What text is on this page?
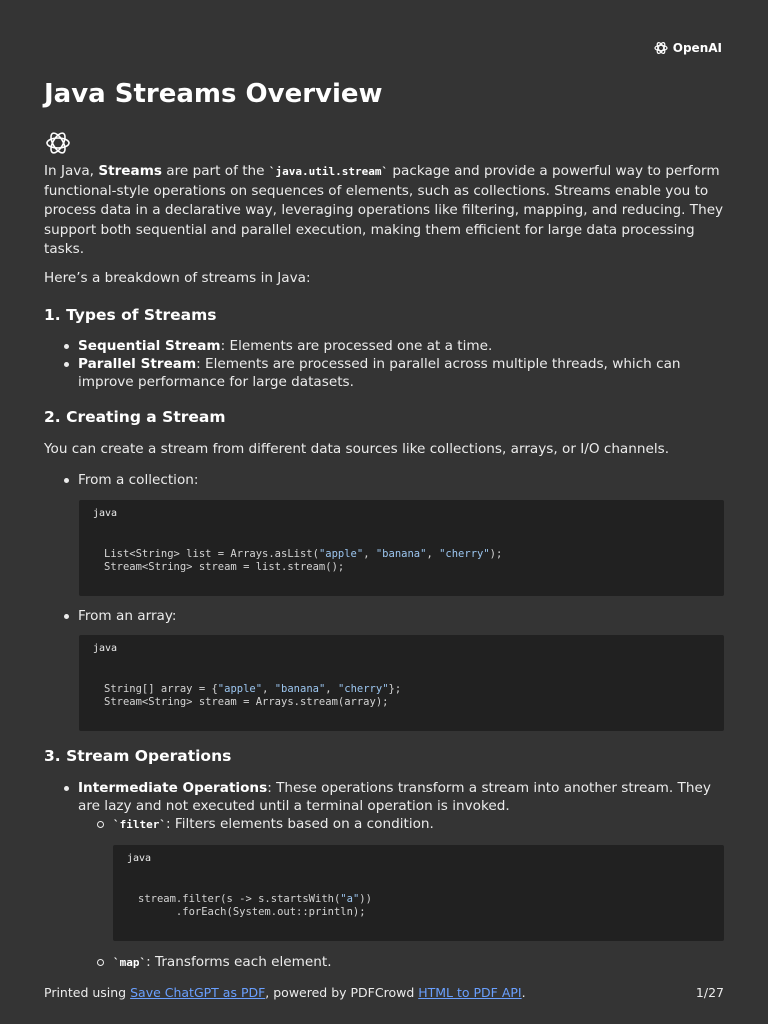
OpenAI
Java Streams Overview

In Java, Streams are part of the `java.util.stream` package and provide a powerful way to perform functional-style operations on sequences of elements, such as collections. Streams enable you to process data in a declarative way, leveraging operations like filtering, mapping, and reducing. They support both sequential and parallel execution, making them efficient for large data processing tasks.

Here’s a breakdown of streams in Java:

1. Types of Streams
Sequential Stream: Elements are processed one at a time.
Parallel Stream: Elements are processed in parallel across multiple threads, which can improve performance for large datasets.
2. Creating a Stream

You can create a stream from different data sources like collections, arrays, or I/O channels.

From a collection:
java
List<String> list = Arrays.asList("apple", "banana", "cherry");
Stream<String> stream = list.stream();
From an array:
java
String[] array = {"apple", "banana", "cherry"};
Stream<String> stream = Arrays.stream(array);
3. Stream Operations
Intermediate Operations: These operations transform a stream into another stream. They are lazy and not executed until a terminal operation is invoked.
`filter`: Filters elements based on a condition.
java
stream.filter(s -> s.startsWith("a"))
.forEach(System.out::println);
`map`: Transforms each element.
Printed using Save ChatGPT as PDF, powered by PDFCrowd HTML to PDF API.	1/27
